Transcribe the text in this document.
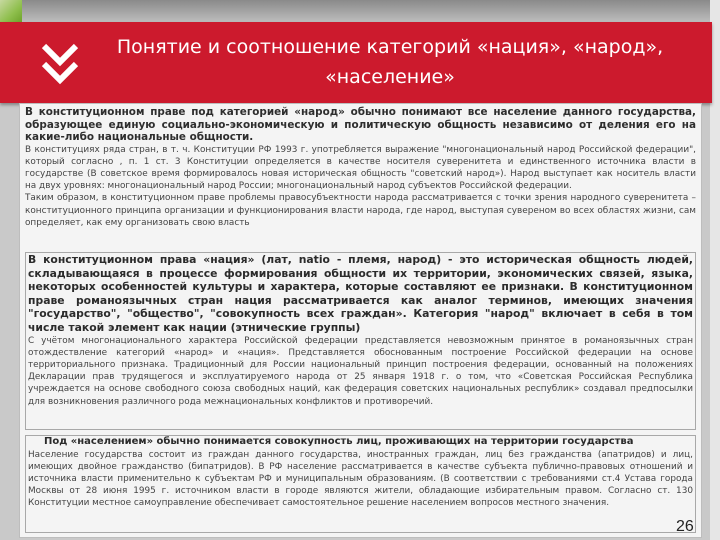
Понятие и соотношение категорий «нация», «народ», «население»

В конституционном праве под категорией «народ» обычно понимают все население данного государства, образующее единую социально-экономическую и политическую общность независимо от деления его на какие-либо национальные общности.

В конституциях ряда стран, в т. ч. Конституции РФ 1993 г. употребляется выражение "многонациональный народ Российской федерации", который согласно , п. 1 ст. 3 Конституции определяется в качестве носителя суверенитета и единственного источника власти в государстве (В советское время формировалось новая историческая общность "советский народ»). Народ выступает как носитель власти на двух уровнях: многонациональный народ России; многонациональный народ субъектов Российской федерации.

Таким образом, в конституционном праве проблемы правосубъектности народа рассматривается с точки зрения народного суверенитета – конституционного принципа организации и функционирования власти народа, где народ, выступая сувереном во всех областях жизни, сам определяет, как ему организовать свою власть

В конституционном права «нация» (лат, natio - племя, народ) - это историческая общность людей, складывающаяся в процессе формирования общности их территории, экономических связей, языка, некоторых особенностей культуры и характера, которые составляют ее признаки. В конституционном праве романоязычных стран нация рассматривается как аналог терминов, имеющих значения "государство", "общество", "совокупность всех граждан». Категория "народ" включает в себя в том числе такой элемент как нации (этнические группы)

С учётом многонационального характера Российской федерации представляется невозможным принятое в романоязычных стран отождествление категорий «народ» и «нация». Представляется обоснованным построение Российской федерации на основе территориального признака. Традиционный для России национальный принцип построения федерации, основанный на положениях Декларации прав трудящегося и эксплуатируемого народа от 25 января 1918 г. о том, что «Советская Российская Республика учреждается на основе свободного союза свободных наций, как федерация советских национальных республик» создавал предпосылки для возникновения различного рода межнациональных конфликтов и противоречий.

Под «населением» обычно понимается совокупность лиц, проживающих на территории государства

Население государства состоит из граждан данного государства, иностранных граждан, лиц без гражданства (апатридов) и лиц, имеющих двойное гражданство (бипатридов). В РФ население рассматривается в качестве субъекта публично-правовых отношений и источника власти применительно к субъектам РФ и муниципальным образованиям. (В соответствии с требованиями ст.4 Устава города Москвы от 28 июня 1995 г. источником власти в городе являются жители, обладающие избирательным правом. Согласно ст. 130 Конституции местное самоуправление обеспечивает самостоятельное решение населением вопросов местного значения.

26
